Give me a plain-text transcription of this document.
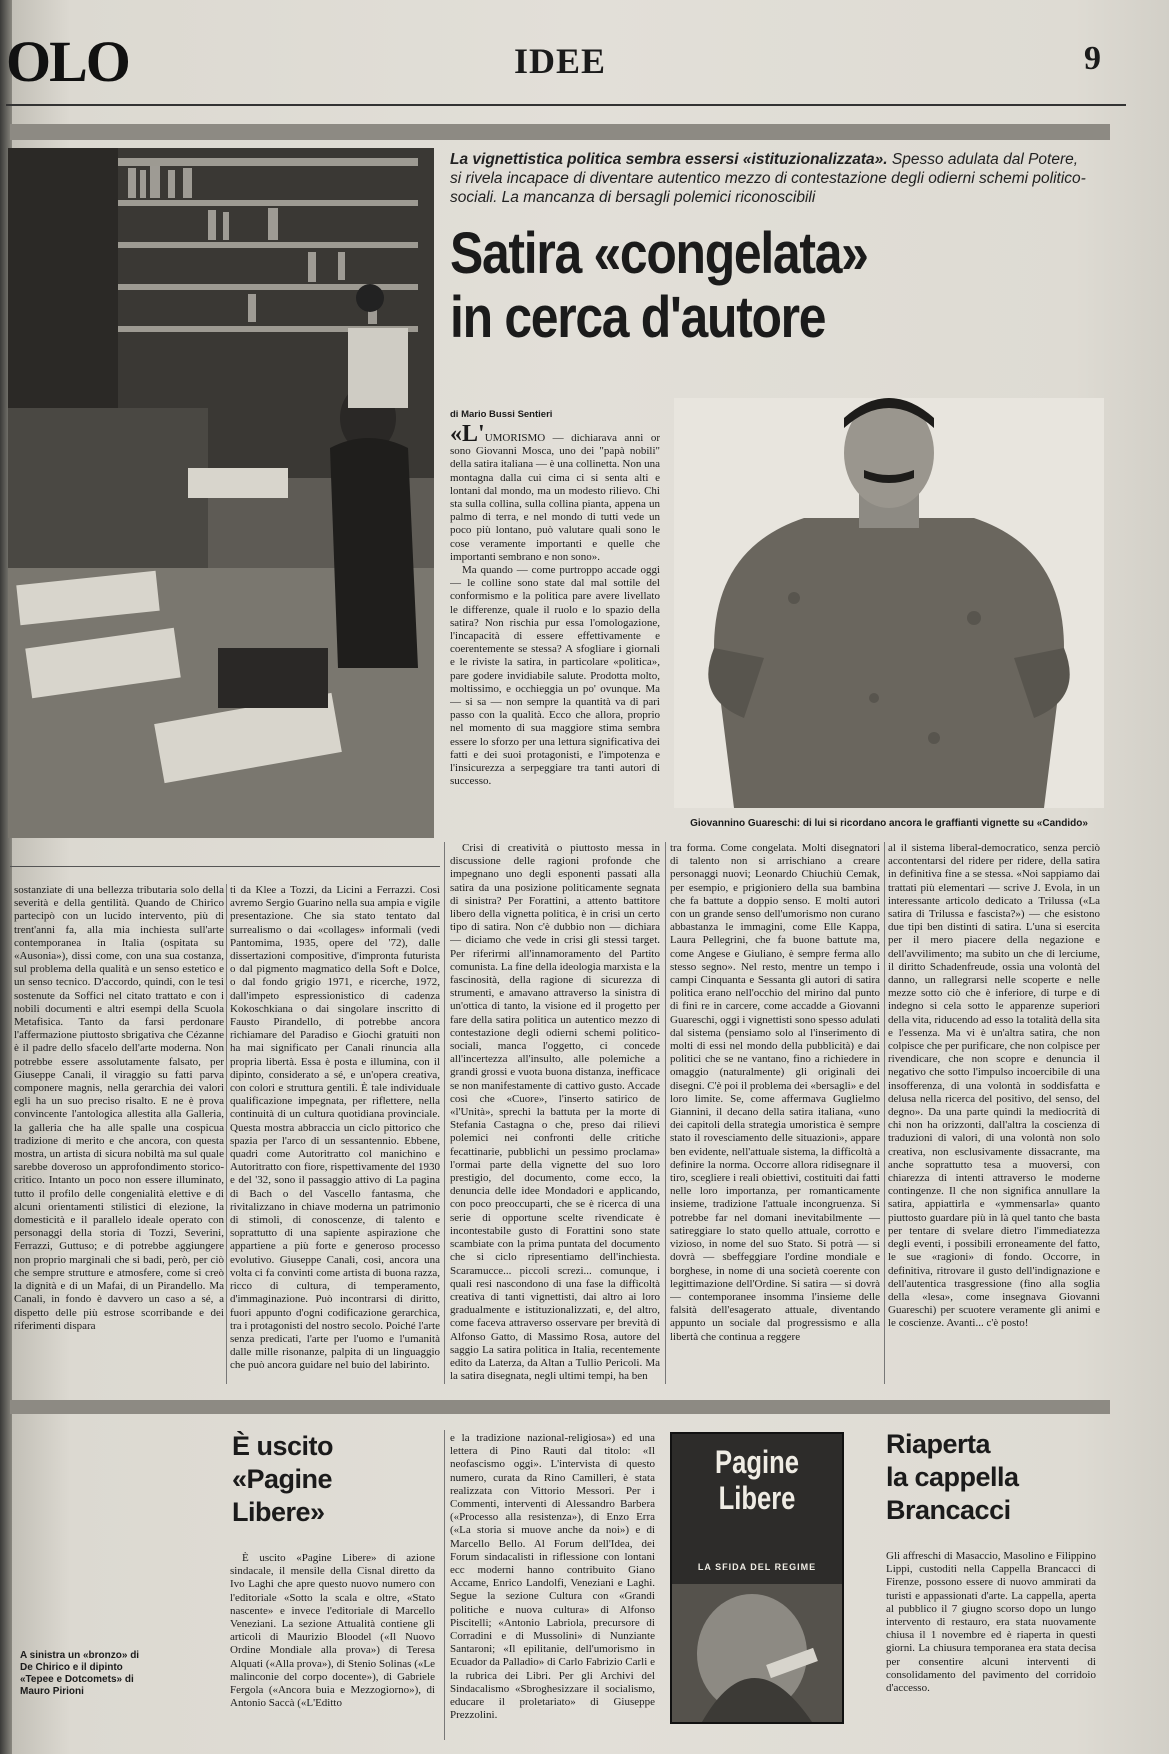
OLO	IDEE	9
La vignettistica politica sembra essersi «istituzionalizzata». Spesso adulata dal Potere, si rivela incapace di diventare autentico mezzo di contestazione degli odierni schemi politico-sociali. La mancanza di bersagli polemici riconoscibili
Satira «congelata»
in cerca d'autore
di Mario Bussi Sentieri

«L'UMORISMO — dichiarava anni or sono Giovanni Mosca, uno dei "papà nobili" della satira italiana — è una collinetta. Non una montagna dalla cui cima ci si senta alti e lontani dal mondo, ma un modesto rilievo. Chi sta sulla collina, sulla collina pianta, appena un palmo di terra, e nel mondo di tutti vede un poco più lontano, può valutare quali sono le cose veramente importanti e quelle che importanti sembrano e non sono».

Ma quando — come purtroppo accade oggi — le colline sono state dal mal sottile del conformismo e la politica pare avere livellato le differenze, quale il ruolo e lo spazio della satira? Non rischia pur essa l'omologazione, l'incapacità di essere effettivamente e coerentemente se stessa? A sfogliare i giornali e le riviste la satira, in particolare «politica», pare godere invidiabile salute. Prodotta molto, moltissimo, e occhieggia un po' ovunque. Ma — si sa — non sempre la quantità va di pari passo con la qualità. Ecco che allora, proprio nel momento di sua maggiore stima sembra essere lo sforzo per una lettura significativa dei fatti e dei suoi protagonisti, e l'impotenza e l'insicurezza a serpeggiare tra tanti autori di successo.

Giovannino Guareschi: di lui si ricordano ancora le graffianti vignette su «Candido»

sostanziate di una bellezza tributaria solo della severità e della gentilità. Quando de Chirico partecipò con un lucido intervento, più di trent'anni fa, alla mia inchiesta sull'arte contemporanea in Italia (ospitata su «Ausonia»), dissi come, con una sua costanza, sul problema della qualità e un senso estetico e un senso tecnico. D'accordo, quindi, con le tesi sostenute da Soffici nel citato trattato e con i nobili documenti e altri esempi della Scuola Metafisica. Tanto da farsi perdonare l'affermazione piuttosto sbrigativa che Cézanne è il padre dello sfacelo dell'arte moderna. Non potrebbe essere assolutamente falsato, per Giuseppe Canali, il viraggio su fatti parva componere magnis, nella gerarchia dei valori egli ha un suo preciso risalto. E ne è prova convincente l'antologica allestita alla Galleria, la galleria che ha alle spalle una cospicua tradizione di merito e che ancora, con questa mostra, un artista di sicura nobiltà ma sul quale sarebbe doveroso un approfondimento storico-critico. Intanto un poco non essere illuminato, tutto il profilo delle congenialità elettive e di alcuni orientamenti stilistici di elezione, la domesticità e il parallelo ideale operato con personaggi della storia di Tozzi, Severini, Ferrazzi, Guttuso; e di potrebbe aggiungere non proprio marginali che si badi, però, per ciò che sempre strutture e atmosfere, come si creò la dignità e di un Mafai, di un Pirandello. Ma Canali, in fondo è davvero un caso a sé, a dispetto delle più estrose scorribande e dei riferimenti dispara

ti da Klee a Tozzi, da Licini a Ferrazzi. Così avremo Sergio Guarino nella sua ampia e vigile presentazione. Che sia stato tentato dal surrealismo o dai «collages» informali (vedi Pantomima, 1935, opere del '72), dalle dissertazioni compositive, d'impronta futurista o dal pigmento magmatico della Soft e Dolce, o dal fondo grigio 1971, e ricerche, 1972, dall'impeto espressionistico di cadenza Kokoschkiana o dai singolare inscritto di Fausto Pirandello, di potrebbe ancora richiamare del Paradiso e Giochi gratuiti non ha mai significato per Canali rinuncia alla propria libertà. Essa è posta e illumina, con il dipinto, considerato a sé, e un'opera creativa, con colori e struttura gentili. È tale individuale qualificazione impegnata, per riflettere, nella continuità di un cultura quotidiana provinciale. Questa mostra abbraccia un ciclo pittorico che spazia per l'arco di un sessantennio. Ebbene, quadri come Autoritratto col manichino e Autoritratto con fiore, rispettivamente del 1930 e del '32, sono il passaggio attivo di La pagina di Bach o del Vascello fantasma, che rivitalizzano in chiave moderna un patrimonio di stimoli, di conoscenze, di talento e soprattutto di una sapiente aspirazione che appartiene a più forte e generoso processo evolutivo. Giuseppe Canali, così, ancora una volta ci fa convinti come artista di buona razza, ricco di cultura, di temperamento, d'immaginazione. Può incontrarsi di diritto, fuori appunto d'ogni codificazione gerarchica, tra i protagonisti del nostro secolo. Poiché l'arte senza predicati, l'arte per l'uomo e l'umanità dalle mille risonanze, palpita di un linguaggio che può ancora guidare nel buio del labirinto.

Crisi di creatività o piuttosto messa in discussione delle ragioni profonde che impegnano uno degli esponenti passati alla satira da una posizione politicamente segnata di sinistra? Per Forattini, a attento battitore libero della vignetta politica, è in crisi un certo tipo di satira. Non c'è dubbio non — dichiara — diciamo che vede in crisi gli stessi target. Per riferirmi all'innamoramento del Partito comunista. La fine della ideologia marxista e la fascinosità, della ragione di sicurezza di strumenti, e amavano attraverso la sinistra di un'ottica di tanto, la visione ed il progetto per fare della satira politica un autentico mezzo di contestazione degli odierni schemi politico-sociali, manca l'oggetto, ci concede all'incertezza all'insulto, alle polemiche a grandi grossi e vuota buona distanza, inefficace se non manifestamente di cattivo gusto. Accade così che «Cuore», l'inserto satirico de «l'Unità», sprechi la battuta per la morte di Stefania Castagna o che, preso dai rilievi polemici nei confronti delle critiche fecattinarie, pubblichi un pessimo proclama» l'ormai parte della vignette del suo loro prestigio, del documento, come ecco, la denuncia delle idee Mondadori e applicando, con poco preoccuparti, che se è ricerca di una serie di opportune scelte rivendicate è incontestabile gusto di Forattini sono state scambiate con la prima puntata del documento che si ciclo ripresentiamo dell'inchiesta. Scaramucce... piccoli screzi... comunque, i quali resi nascondono di una fase la difficoltà creativa di tanti vignettisti, dai altro ai loro gradualmente e istituzionalizzati, e, del altro, come faceva attraverso osservare per brevità di Alfonso Gatto, di Massimo Rosa, autore del saggio La satira politica in Italia, recentemente edito da Laterza, da Altan a Tullio Pericoli. Ma la satira disegnata, negli ultimi tempi, ha ben

tra forma. Come congelata. Molti disegnatori di talento non si arrischiano a creare personaggi nuovi; Leonardo Chiuchiù Cemak, per esempio, e prigioniero della sua bambina che fa battute a doppio senso. E molti autori con un grande senso dell'umorismo non curano abbastanza le immagini, come Elle Kappa, Laura Pellegrini, che fa buone battute ma, come Angese e Giuliano, è sempre ferma allo stesso segno». Nel resto, mentre un tempo i campi Cinquanta e Sessanta gli autori di satira politica erano nell'occhio del mirino dal punto di fini re in carcere, come accadde a Giovanni Guareschi, oggi i vignettisti sono spesso adulati dal sistema (pensiamo solo al l'inserimento di molti di essi nel mondo della pubblicità) e dai politici che se ne vantano, fino a richiedere in omaggio (naturalmente) gli originali dei disegni. C'è poi il problema dei «bersagli» e del loro limite. Se, come affermava Guglielmo Giannini, il decano della satira italiana, «uno dei capitoli della strategia umoristica è sempre stato il rovesciamento delle situazioni», appare ben evidente, nell'attuale sistema, la difficoltà a definire la norma. Occorre allora ridisegnare il tiro, scegliere i reali obiettivi, costituiti dai fatti nelle loro importanza, per romanticamente insieme, tradizione l'attuale incongruenza. Si potrebbe far nel domani inevitabilmente — satireggiare lo stato quello attuale, corrotto e vizioso, in nome del suo Stato. Si potrà — si dovrà — sbeffeggiare l'ordine mondiale e borghese, in nome di una società coerente con legittimazione dell'Ordine. Si satira — si dovrà — contemporanee insomma l'insieme delle falsità dell'esagerato attuale, diventando appunto un sociale dal progressismo e alla libertà che continua a reggere

al il sistema liberal-democratico, senza perciò accontentarsi del ridere per ridere, della satira in definitiva fine a se stessa. «Noi sappiamo dai trattati più elementari — scrive J. Evola, in un interessante articolo dedicato a Trilussa («La satira di Trilussa e fascista?») — che esistono due tipi ben distinti di satira. L'una si esercita per il mero piacere della negazione e dell'avvilimento; ma subito un che di lerciume, il diritto Schadenfreude, ossia una volontà del danno, un rallegrarsi nelle scoperte e nelle mezze sotto ciò che è inferiore, di turpe e di indegno si cela sotto le apparenze superiori della vita, riducendo ad esso la totalità della sita e l'essenza. Ma vi è un'altra satira, che non colpisce che per purificare, che non colpisce per rivendicare, che non scopre e denuncia il negativo che sotto l'impulso incoercibile di una insofferenza, di una volontà in soddisfatta e delusa nella ricerca del positivo, del senso, del degno». Da una parte quindi la mediocrità di chi non ha orizzonti, dall'altra la coscienza di traduzioni di valori, di una volontà non solo creativa, non esclusivamente dissacrante, ma anche soprattutto tesa a muoversi, con chiarezza di intenti attraverso le moderne contingenze. Il che non significa annullare la satira, appiattirla e «ymmensarla» quanto piuttosto guardare più in là quel tanto che basta per tentare di svelare dietro l'immediatezza degli eventi, i possibili erroneamente del fatto, le sue «ragioni» di fondo. Occorre, in definitiva, ritrovare il gusto dell'indignazione e dell'autentica trasgressione (fino alla soglia della «lesa», come insegnava Giovanni Guareschi) per scuotere veramente gli animi e le coscienze. Avanti... c'è posto!

A sinistra un «bronzo» di De Chirico e il dipinto «Tepee e Dotcomets» di Mauro Pirioni
È uscito
«Pagine
Libere»

È uscito «Pagine Libere» di azione sindacale, il mensile della Cisnal diretto da Ivo Laghi che apre questo nuovo numero con l'editoriale «Sotto la scala e oltre, «Stato nascente» e invece l'editoriale di Marcello Veneziani. La sezione Attualità contiene gli articoli di Maurizio Bloodel («Il Nuovo Ordine Mondiale alla prova») di Teresa Alquati («Alla prova»), di Stenio Solinas («Le malinconie del corpo docente»), di Gabriele Fergola («Ancora buia e Mezzogiorno»), di Antonio Saccà («L'Editto

e la tradizione nazional-religiosa») ed una lettera di Pino Rauti dal titolo: «Il neofascismo oggi». L'intervista di questo numero, curata da Rino Camilleri, è stata realizzata con Vittorio Messori. Per i Commenti, interventi di Alessandro Barbera («Processo alla resistenza»), di Enzo Erra («La storia si muove anche da noi») e di Marcello Bello. Al Forum dell'Idea, dei Forum sindacalisti in riflessione con lontani ecc moderni hanno contribuito Giano Accame, Enrico Landolfi, Veneziani e Laghi. Segue la sezione Cultura con «Grandi politiche e nuova cultura» di Alfonso Piscitelli; «Antonio Labriola, precursore di Corradini e di Mussolini» di Nunziante Santaroni; «Il epilitanie, dell'umorismo in Ecuador da Palladio» di Carlo Fabrizio Carli e la rubrica dei Libri. Per gli Archivi del Sindacalismo «Sbroghesizzare il socialismo, educare il proletariato» di Giuseppe Prezzolini.

Pagine
Libere
LA SFIDA DEL REGIME
Riaperta
la cappella
Brancacci

Gli affreschi di Masaccio, Masolino e Filippino Lippi, custoditi nella Cappella Brancacci di Firenze, possono essere di nuovo ammirati da turisti e appassionati d'arte. La cappella, aperta al pubblico il 7 giugno scorso dopo un lungo intervento di restauro, era stata nuovamente chiusa il 1 novembre ed è riaperta in questi giorni. La chiusura temporanea era stata decisa per consentire alcuni interventi di consolidamento del pavimento del corridoio d'accesso.
